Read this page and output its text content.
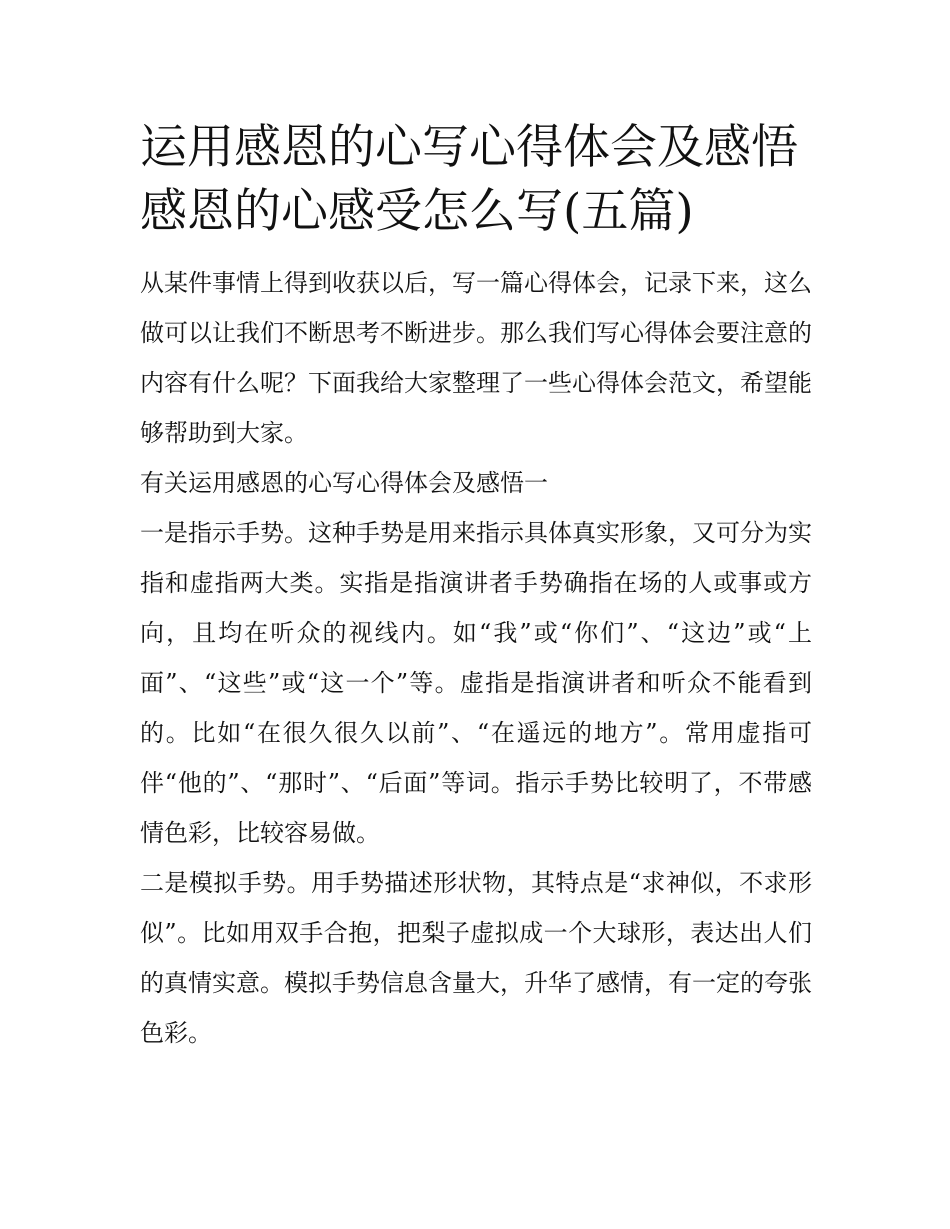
运用感恩的心写心得体会及感悟 感恩的心感受怎么写(五篇)

从某件事情上得到收获以后，写一篇心得体会，记录下来，这么做可以让我们不断思考不断进步。那么我们写心得体会要注意的内容有什么呢？下面我给大家整理了一些心得体会范文，希望能够帮助到大家。

有关运用感恩的心写心得体会及感悟一

一是指示手势。这种手势是用来指示具体真实形象，又可分为实指和虚指两大类。实指是指演讲者手势确指在场的人或事或方向，且均在听众的视线内。如“我”或“你们”、“这边”或“上面”、“这些”或“这一个”等。虚指是指演讲者和听众不能看到的。比如“在很久很久以前”、“在遥远的地方”。常用虚指可伴“他的”、“那时”、“后面”等词。指示手势比较明了，不带感情色彩，比较容易做。

二是模拟手势。用手势描述形状物，其特点是“求神似，不求形似”。比如用双手合抱，把梨子虚拟成一个大球形，表达出人们的真情实意。模拟手势信息含量大，升华了感情，有一定的夸张色彩。
